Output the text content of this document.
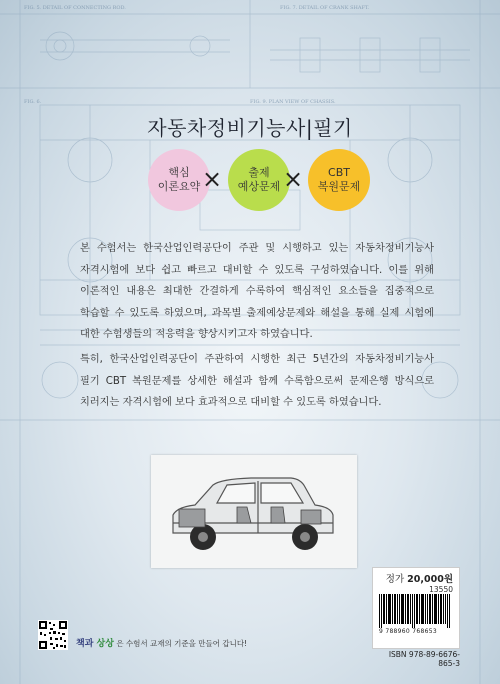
FIG. 5. DETAIL OF CONNECTING ROD.	FIG. 7. DETAIL OF CRANK SHAFT.
FIG. 9. PLAN VIEW OF CHASSIS.
FIG. 6.
자동차정비기능사|필기
핵심
이론요약 ×	출제
예상문제 ×	CBT
복원문제

본 수험서는 한국산업인력공단이 주관 및 시행하고 있는 자동차정비기능사 자격시험에 보다 쉽고 빠르고 대비할 수 있도록 구성하였습니다. 이를 위해 이론적인 내용은 최대한 간결하게 수록하여 핵심적인 요소들을 집중적으로 학습할 수 있도록 하였으며, 과목별 출제예상문제와 해설을 통해 실제 시험에 대한 수험생들의 적응력을 향상시키고자 하였습니다.

특히, 한국산업인력공단이 주관하여 시행한 최근 5년간의 자동차정비기능사 필기 CBT 복원문제를 상세한 해설과 함께 수록함으로써 문제은행 방식으로 치러지는 자격시험에 보다 효과적으로 대비할 수 있도록 하였습니다.

책과 상상 은 수험서 교재의 기준을 만들어 갑니다!
정가 20,000원
13550
9 788960 768653
ISBN 978-89-6676-865-3
